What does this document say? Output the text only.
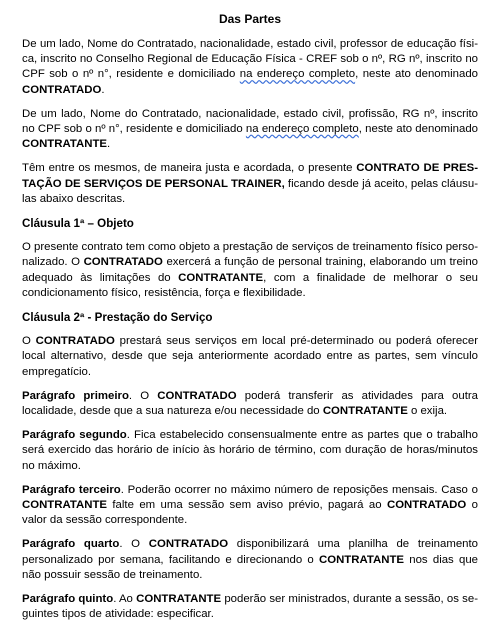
Das Partes

De um lado, Nome do Contratado, nacionalidade, estado civil, professor de educação física, inscrito no Conselho Regional de Educação Física - CREF sob o nº, RG nº, inscrito no CPF sob o nº n°, residente e domiciliado na endereço completo, neste ato denominado CONTRATADO.

De um lado, Nome do Contratado, nacionalidade, estado civil, profissão, RG nº, inscrito no CPF sob o nº n°, residente e domiciliado na endereço completo, neste ato denominado CONTRATANTE.

Têm entre os mesmos, de maneira justa e acordada, o presente CONTRATO DE PRESTAÇÃO DE SERVIÇOS DE PERSONAL TRAINER, ficando desde já aceito, pelas cláusulas abaixo descritas.

Cláusula 1ª – Objeto

O presente contrato tem como objeto a prestação de serviços de treinamento físico personalizado. O CONTRATADO exercerá a função de personal training, elaborando um treino adequado às limitações do CONTRATANTE, com a finalidade de melhorar o seu condicionamento físico, resistência, força e flexibilidade.

Cláusula 2ª - Prestação do Serviço

O CONTRATADO prestará seus serviços em local pré-determinado ou poderá oferecer local alternativo, desde que seja anteriormente acordado entre as partes, sem vínculo empregatício.

Parágrafo primeiro. O CONTRATADO poderá transferir as atividades para outra localidade, desde que a sua natureza e/ou necessidade do CONTRATANTE o exija.

Parágrafo segundo. Fica estabelecido consensualmente entre as partes que o trabalho será exercido das horário de início às horário de término, com duração de horas/minutos no máximo.

Parágrafo terceiro. Poderão ocorrer no máximo número de reposições mensais. Caso o CONTRATANTE falte em uma sessão sem aviso prévio, pagará ao CONTRATADO o valor da sessão correspondente.

Parágrafo quarto. O CONTRATADO disponibilizará uma planilha de treinamento personalizado por semana, facilitando e direcionando o CONTRATANTE nos dias que não possuir sessão de treinamento.

Parágrafo quinto. Ao CONTRATANTE poderão ser ministrados, durante a sessão, os seguintes tipos de atividade: especificar.
